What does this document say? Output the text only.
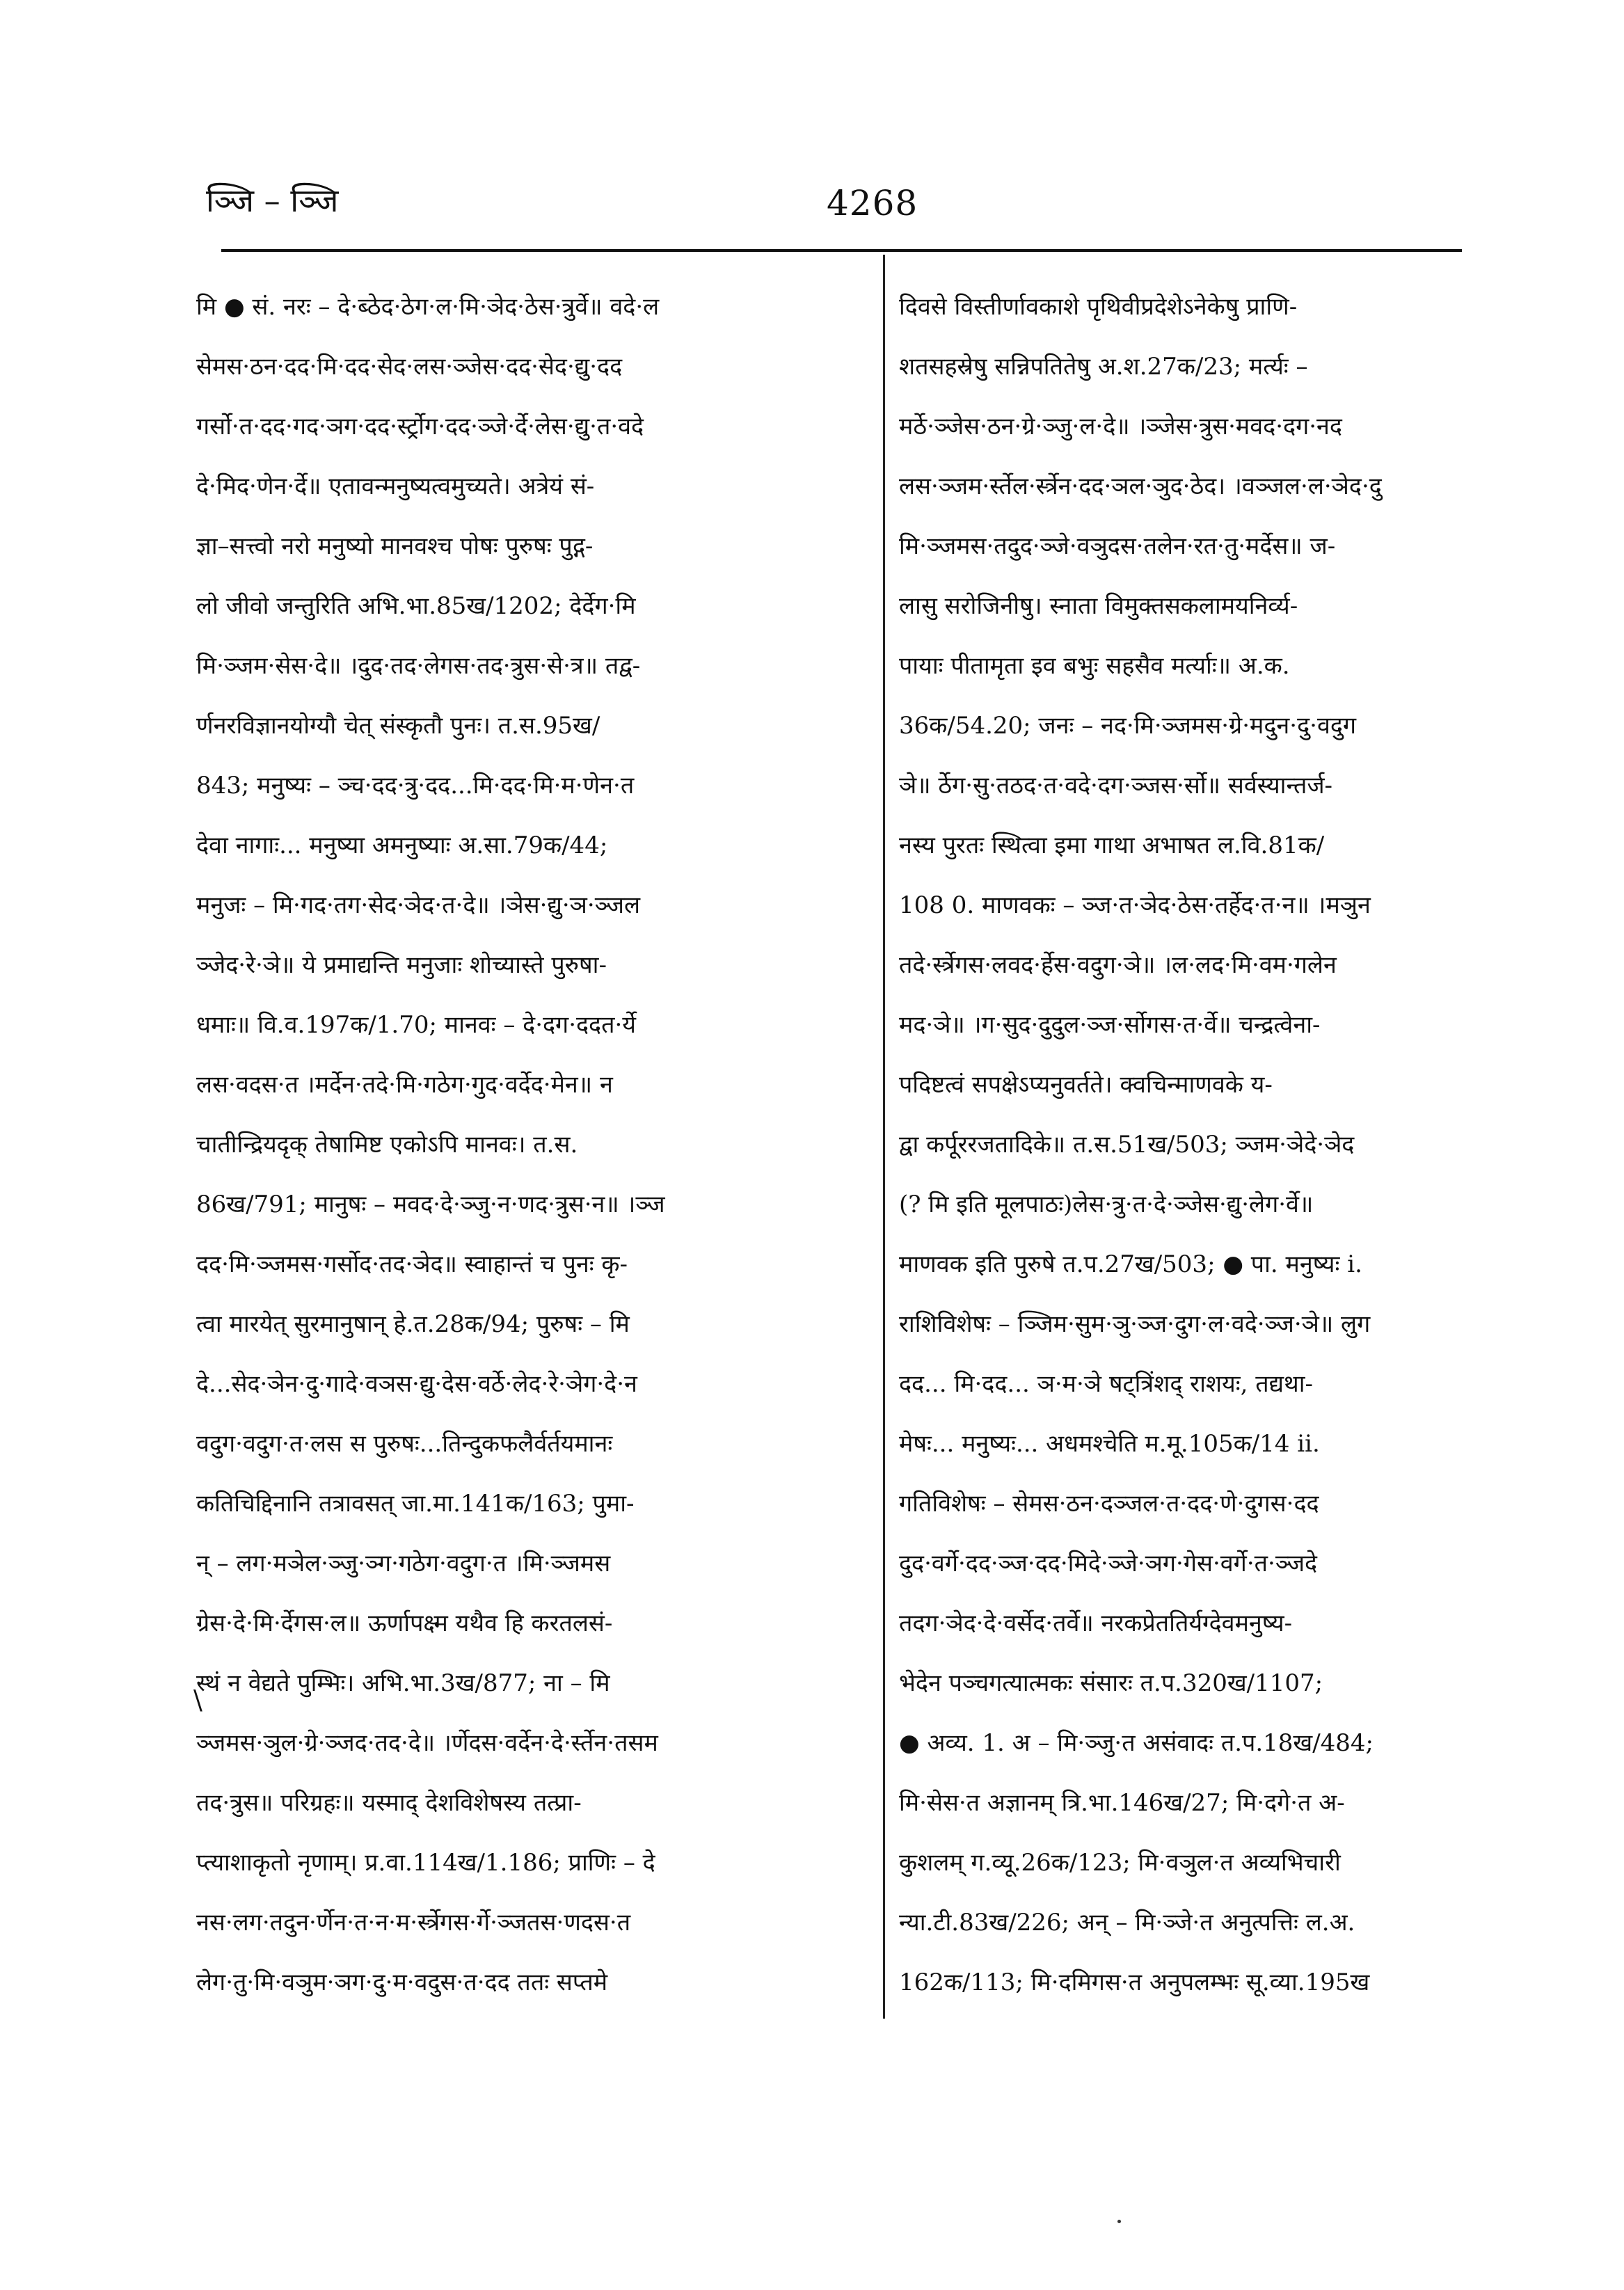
ञ्जि – ञ्जि	4268
मि ● सं. नरः – दे·ब्ठेद·ठेग·ल·मि·ञेद·ठेस·त्रुर्वे॥ वदे·ल
सेमस·ठन·दद·मि·दद·सेद·लस·ञ्जेस·दद·सेद·द्यु·दद
गर्सो·त·दद·गद·ञग·दद·र्स्ट्रोग·दद·ञ्जे·र्दे·लेस·द्यु·त·वदे
दे·मिद·णेन·र्दे॥ एतावन्मनुष्यत्वमुच्यते। अत्रेयं सं-
ज्ञा–सत्त्वो नरो मनुष्यो मानवश्च पोषः पुरुषः पुद्ग-
लो जीवो जन्तुरिति अभि.भा.85ख/1202; देर्देग·मि
मि·ञ्जम·सेस·दे॥ ।दुद·तद·लेगस·तद·त्रुस·से·त्र॥ तद्व-
र्णनरविज्ञानयोग्यौ चेत् संस्कृतौ पुनः। त.स.95ख/
843; मनुष्यः – ञ्च·दद·त्रु·दद...मि·दद·मि·म·णेन·त
देवा नागाः... मनुष्या अमनुष्याः अ.सा.79क/44;
मनुजः – मि·गद·तग·सेद·ञेद·त·दे॥ ।ञेस·द्यु·ञ·ञ्जल
ञ्जेद·रे·ञे॥ ये प्रमाद्यन्ति मनुजाः शोच्यास्ते पुरुषा-
धमाः॥ वि.व.197क/1.70; मानवः – दे·दग·ददत·र्ये
लस·वदस·त ।मर्देन·तदे·मि·गठेग·गुद·वर्देद·मेन॥ न
चातीन्द्रियदृक् तेषामिष्ट एकोऽपि मानवः। त.स.
86ख/791; मानुषः – मवद·दे·ञ्जु·न·णद·त्रुस·न॥ ।ञ्ज
दद·मि·ञ्जमस·गर्सोद·तद·ञेद॥ स्वाहान्तं च पुनः कृ-
त्वा मारयेत् सुरमानुषान् हे.त.28क/94; पुरुषः – मि
दे...सेद·ञेन·दु·गादे·वञस·द्यु·देस·वर्ठे·लेद·रे·ञेग·दे·न
वदुग·वदुग·त·लस स पुरुषः...तिन्दुकफलैर्वर्तयमानः
कतिचिद्दिनानि तत्रावसत् जा.मा.141क/163; पुमा-
न् – लग·मञेल·ञ्जु·ञ्ग·गठेग·वदुग·त ।मि·ञ्जमस
ग्रेस·दे·मि·र्देगस·ल॥ ऊर्णापक्ष्म यथैव हि करतलसं-
स्थं न वेद्यते पुम्भिः। अभि.भा.3ख/877; ना – मि
ञ्जमस·ञुल·ग्रे·ञ्जद·तद·दे॥ ।र्णेदस·वर्देन·दे·र्स्तेन·तसम
तद·त्रुस॥ परिग्रहः॥ यस्माद् देशविशेषस्य तत्प्रा-
प्त्याशाकृतो नृणाम्। प्र.वा.114ख/1.186; प्राणिः – दे
नस·लग·तदुन·र्णेन·त·न·म·र्स्त्रेगस·र्गे·ञ्जतस·णदस·त
लेग·तु·मि·वञुम·ञग·दु·म·वदुस·त·दद ततः सप्तमे
दिवसे विस्तीर्णावकाशे पृथिवीप्रदेशेऽनेकेषु प्राणि-
शतसहस्रेषु सन्निपतितेषु अ.श.27क/23; मर्त्यः –
मर्ठे·ञ्जेस·ठन·ग्रे·ञ्जु·ल·दे॥ ।ञ्जेस·त्रुस·मवद·दग·नद
लस·ञ्जम·र्स्तेल·र्स्त्रेन·दद·ञल·ञुद·ठेद। ।वञ्जल·ल·ञेद·दु
मि·ञ्जमस·तदुद·ञ्जे·वञुदस·तलेन·रत·तु·मर्देस॥ ज-
लासु सरोजिनीषु। स्नाता विमुक्तसकलामयनिर्व्य-
पायाः पीतामृता इव बभुः सहसैव मर्त्याः॥ अ.क.
36क/54.20; जनः – नद·मि·ञ्जमस·ग्रे·मदुन·दु·वदुग
ञे॥ र्ठेग·सु·तठद·त·वदे·दग·ञ्जस·र्सो॥ सर्वस्यान्तर्ज-
नस्य पुरतः स्थित्वा इमा गाथा अभाषत ल.वि.81क/
108 0. माणवकः – ञ्ज·त·ञेद·ठेस·तर्हेद·त·न॥ ।मञुन
तदे·र्स्त्रेगस·लवद·र्हेस·वदुग·ञे॥ ।ल·लद·मि·वम·गलेन
मद·ञे॥ ।ग·सुद·दुदुल·ञ्ज·र्सोगस·त·र्वे॥ चन्द्रत्वेना-
पदिष्टत्वं सपक्षेऽप्यनुवर्तते। क्वचिन्माणवके य-
द्वा कर्पूररजतादिके॥ त.स.51ख/503; ञ्जम·ञेदे·ञेद
(? मि इति मूलपाठः)लेस·त्रु·त·दे·ञ्जेस·द्यु·लेग·र्वे॥
माणवक इति पुरुषे त.प.27ख/503; ● पा. मनुष्यः i.
राशिविशेषः – ञ्जिम·सुम·ञु·ञ्ज·दुग·ल·वदे·ञ्ज·ञे॥ लुग
दद... मि·दद... ञ·म·ञे षट्त्रिंशद् राशयः, तद्यथा-
मेषः... मनुष्यः... अधमश्चेति म.मू.105क/14 ii.
गतिविशेषः – सेमस·ठन·दञ्जल·त·दद·णे·दुगस·दद
दुद·वर्गे·दद·ञ्ज·दद·मिदे·ञ्जे·ञग·गेस·वर्गे·त·ञ्जदे
तदग·ञेद·दे·वर्सेद·तर्वे॥ नरकप्रेततिर्यग्देवमनुष्य-
भेदेन पञ्चगत्यात्मकः संसारः त.प.320ख/1107;
● अव्य. 1. अ – मि·ञ्जु·त असंवादः त.प.18ख/484;
मि·सेस·त अज्ञानम् त्रि.भा.146ख/27; मि·दगे·त अ-
कुशलम् ग.व्यू.26क/123; मि·वञुल·त अव्यभिचारी
न्या.टी.83ख/226; अन् – मि·ञ्जे·त अनुत्पत्तिः ल.अ.
162क/113; मि·दमिगस·त अनुपलम्भः सू.व्या.195ख
\
